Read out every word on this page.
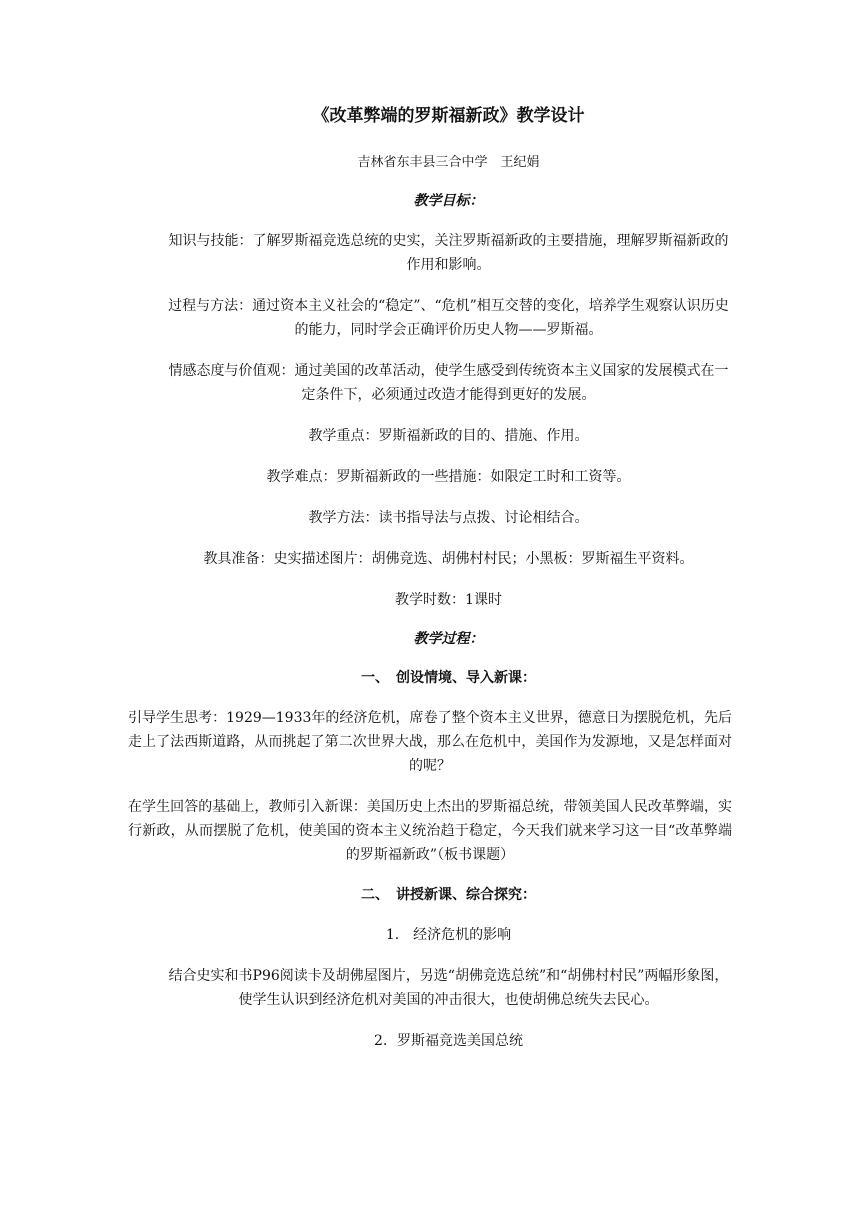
《改革弊端的罗斯福新政》教学设计
吉林省东丰县三合中学　王纪娟
教学目标：
知识与技能：了解罗斯福竞选总统的史实，关注罗斯福新政的主要措施，理解罗斯福新政的作用和影响。
过程与方法：通过资本主义社会的“稳定”、“危机”相互交替的变化，培养学生观察认识历史的能力，同时学会正确评价历史人物——罗斯福。
情感态度与价值观：通过美国的改革活动，使学生感受到传统资本主义国家的发展模式在一定条件下，必须通过改造才能得到更好的发展。
教学重点：罗斯福新政的目的、措施、作用。
教学难点：罗斯福新政的一些措施：如限定工时和工资等。
教学方法：读书指导法与点拨、讨论相结合。
教具准备：史实描述图片：胡佛竞选、胡佛村村民；小黑板：罗斯福生平资料。
教学时数：1课时
教学过程：
一、　创设情境、导入新课：
引导学生思考：1929—1933年的经济危机，席卷了整个资本主义世界，德意日为摆脱危机，先后走上了法西斯道路，从而挑起了第二次世界大战，那么在危机中，美国作为发源地，又是怎样面对的呢？
在学生回答的基础上，教师引入新课：美国历史上杰出的罗斯福总统，带领美国人民改革弊端，实行新政，从而摆脱了危机，使美国的资本主义统治趋于稳定，今天我们就来学习这一目“改革弊端的罗斯福新政”（板书课题）
二、　讲授新课、综合探究：
1.　经济危机的影响
结合史实和书P96阅读卡及胡佛屋图片，另选“胡佛竞选总统”和“胡佛村村民”两幅形象图，使学生认识到经济危机对美国的冲击很大，也使胡佛总统失去民心。
2．罗斯福竞选美国总统
